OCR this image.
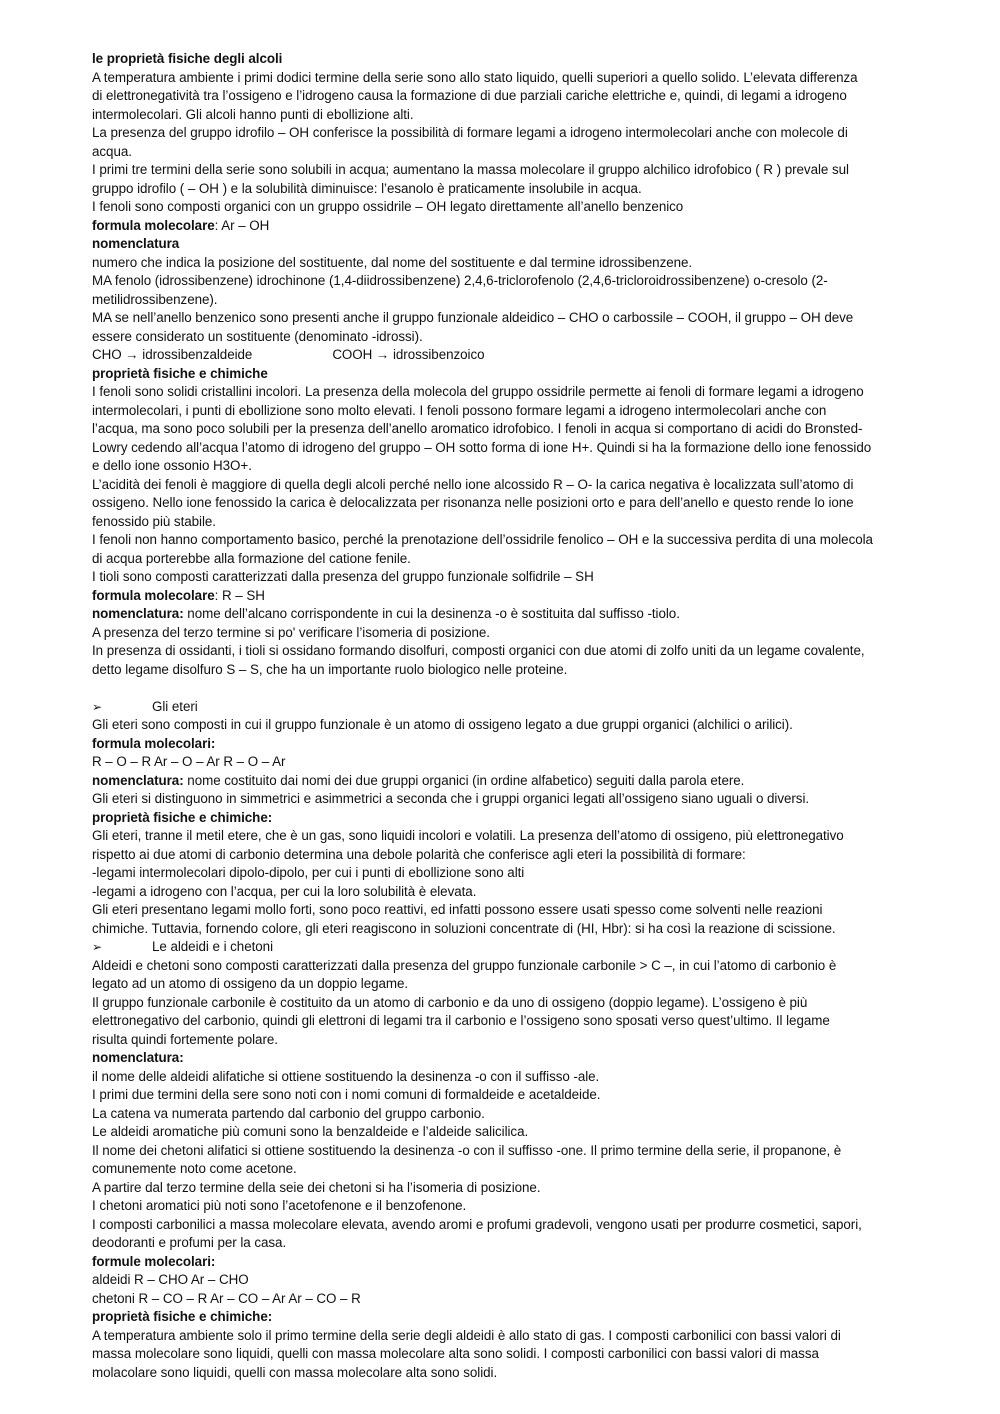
le proprietà fisiche degli alcoli
A temperatura ambiente i primi dodici termine della serie sono allo stato liquido, quelli superiori a quello solido. L’elevata differenza
di elettronegatività tra l’ossigeno e l’idrogeno causa la formazione di due parziali cariche elettriche e, quindi, di legami a idrogeno
intermolecolari. Gli alcoli hanno punti di ebollizione alti.
La presenza del gruppo idrofilo – OH conferisce la possibilità di formare legami a idrogeno intermolecolari anche con molecole di
acqua.
I primi tre termini della serie sono solubili in acqua; aumentano la massa molecolare il gruppo alchilico idrofobico ( R ) prevale sul
gruppo idrofilo ( – OH ) e la solubilità diminuisce: l’esanolo è praticamente insolubile in acqua.
I fenoli sono composti organici con un gruppo ossidrile – OH legato direttamente all’anello benzenico
formula molecolare: Ar – OH
nomenclatura
numero che indica la posizione del sostituente, dal nome del sostituente e dal termine idrossibenzene.
MA fenolo (idrossibenzene) idrochinone (1,4-diidrossibenzene) 2,4,6-triclorofenolo (2,4,6-tricloroidrossibenzene) o-cresolo (2-
metilidrossibenzene).
MA se nell’anello benzenico sono presenti anche il gruppo funzionale aldeidico – CHO o carbossile – COOH, il gruppo – OH deve
essere considerato un sostituente (denominato -idrossi).
CHO → idrossibenzaldeide	COOH → idrossibenzoico
proprietà fisiche e chimiche
I fenoli sono solidi cristallini incolori. La presenza della molecola del gruppo ossidrile permette ai fenoli di formare legami a idrogeno
intermolecolari, i punti di ebollizione sono molto elevati. I fenoli possono formare legami a idrogeno intermolecolari anche con
l’acqua, ma sono poco solubili per la presenza dell’anello aromatico idrofobico. I fenoli in acqua si comportano di acidi do Bronsted-
Lowry cedendo all’acqua l’atomo di idrogeno del gruppo – OH sotto forma di ione H+. Quindi si ha la formazione dello ione fenossido
e dello ione ossonio H3O+.
L’acidità dei fenoli è maggiore di quella degli alcoli perché nello ione alcossido R – O- la carica negativa è localizzata sull’atomo di
ossigeno. Nello ione fenossido la carica è delocalizzata per risonanza nelle posizioni orto e para dell’anello e questo rende lo ione
fenossido più stabile.
I fenoli non hanno comportamento basico, perché la prenotazione dell’ossidrile fenolico – OH e la successiva perdita di una molecola
di acqua porterebbe alla formazione del catione fenile.
I tioli sono composti caratterizzati dalla presenza del gruppo funzionale solfidrile – SH
formula molecolare: R – SH
nomenclatura: nome dell’alcano corrispondente in cui la desinenza -o è sostituita dal suffisso -tiolo.
A presenza del terzo termine si po' verificare l’isomeria di posizione.
In presenza di ossidanti, i tioli si ossidano formando disolfuri, composti organici con due atomi di zolfo uniti da un legame covalente,
detto legame disolfuro S – S, che ha un importante ruolo biologico nelle proteine.
➢	Gli eteri
Gli eteri sono composti in cui il gruppo funzionale è un atomo di ossigeno legato a due gruppi organici (alchilici o arilici).
formula molecolari:
R – O – R Ar – O – Ar R – O – Ar
nomenclatura: nome costituito dai nomi dei due gruppi organici (in ordine alfabetico) seguiti dalla parola etere.
Gli eteri si distinguono in simmetrici e asimmetrici a seconda che i gruppi organici legati all’ossigeno siano uguali o diversi.
proprietà fisiche e chimiche:
Gli eteri, tranne il metil etere, che è un gas, sono liquidi incolori e volatili. La presenza dell’atomo di ossigeno, più elettronegativo
rispetto ai due atomi di carbonio determina una debole polarità che conferisce agli eteri la possibilità di formare:
-legami intermolecolari dipolo-dipolo, per cui i punti di ebollizione sono alti
-legami a idrogeno con l’acqua, per cui la loro solubilità è elevata.
Gli eteri presentano legami mollo forti, sono poco reattivi, ed infatti possono essere usati spesso come solventi nelle reazioni
chimiche. Tuttavia, fornendo colore, gli eteri reagiscono in soluzioni concentrate di (HI, Hbr): si ha così la reazione di scissione.
➢	Le aldeidi e i chetoni
Aldeidi e chetoni sono composti caratterizzati dalla presenza del gruppo funzionale carbonile > C –, in cui l’atomo di carbonio è
legato ad un atomo di ossigeno da un doppio legame.
Il gruppo funzionale carbonile è costituito da un atomo di carbonio e da uno di ossigeno (doppio legame). L’ossigeno è più
elettronegativo del carbonio, quindi gli elettroni di legami tra il carbonio e l’ossigeno sono sposati verso quest’ultimo. Il legame
risulta quindi fortemente polare.
nomenclatura:
il nome delle aldeidi alifatiche si ottiene sostituendo la desinenza -o con il suffisso -ale.
I primi due termini della sere sono noti con i nomi comuni di formaldeide e acetaldeide.
La catena va numerata partendo dal carbonio del gruppo carbonio.
Le aldeidi aromatiche più comuni sono la benzaldeide e l’aldeide salicilica.
Il nome dei chetoni alifatici si ottiene sostituendo la desinenza -o con il suffisso -one. Il primo termine della serie, il propanone, è
comunemente noto come acetone.
A partire dal terzo termine della seie dei chetoni si ha l’isomeria di posizione.
I chetoni aromatici più noti sono l’acetofenone e il benzofenone.
I composti carbonilici a massa molecolare elevata, avendo aromi e profumi gradevoli, vengono usati per produrre cosmetici, sapori,
deodoranti e profumi per la casa.
formule molecolari:
aldeidi R – CHO Ar – CHO
chetoni R – CO – R Ar – CO – Ar Ar – CO – R
proprietà fisiche e chimiche:
A temperatura ambiente solo il primo termine della serie degli aldeidi è allo stato di gas. I composti carbonilici con bassi valori di
massa molecolare sono liquidi, quelli con massa molecolare alta sono solidi. I composti carbonilici con bassi valori di massa
molacolare sono liquidi, quelli con massa molecolare alta sono solidi.
